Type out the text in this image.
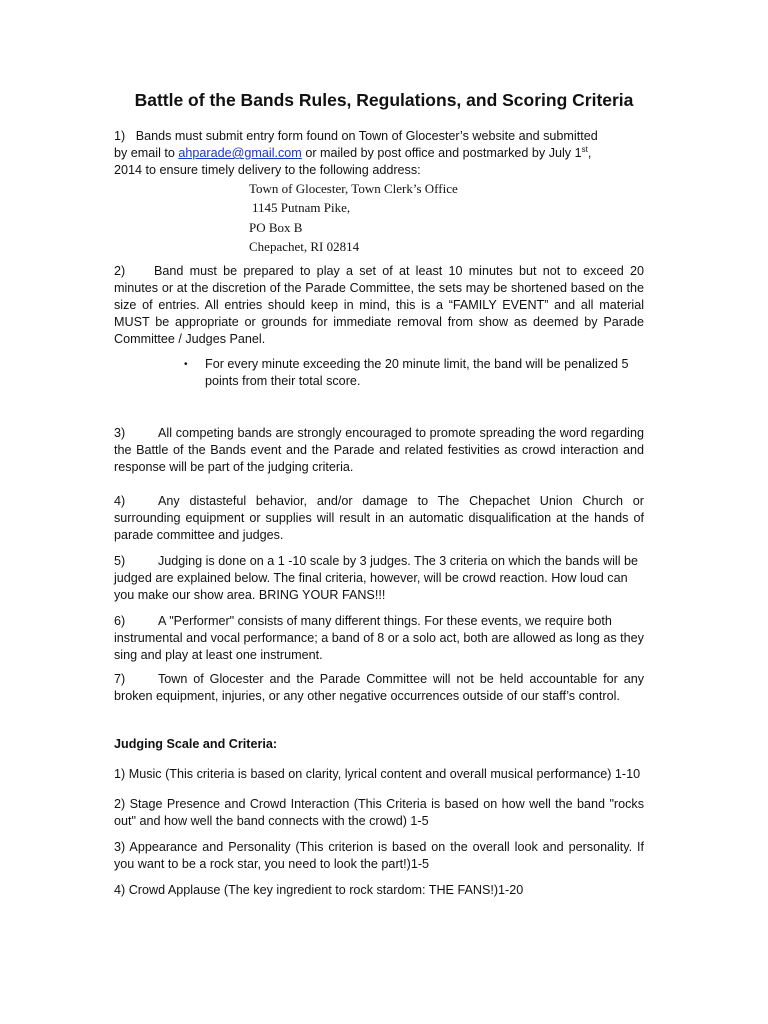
Battle of the Bands Rules, Regulations, and Scoring Criteria
1) Bands must submit entry form found on Town of Glocester’s website and submitted
by email to ahparade@gmail.com or mailed by post office and postmarked by July 1st,
2014 to ensure timely delivery to the following address:
Town of Glocester, Town Clerk’s Office
1145 Putnam Pike,
PO Box B
Chepachet, RI 02814

2) Band must be prepared to play a set of at least 10 minutes but not to exceed 20 minutes or at the discretion of the Parade Committee, the sets may be shortened based on the size of entries. All entries should keep in mind, this is a “FAMILY EVENT” and all material MUST be appropriate or grounds for immediate removal from show as deemed by Parade Committee / Judges Panel.

• For every minute exceeding the 20 minute limit, the band will be penalized 5 points from their total score.

3)	All competing bands are strongly encouraged to promote spreading the word regarding the Battle of the Bands event and the Parade and related festivities as crowd interaction and response will be part of the judging criteria.

4)	Any distasteful behavior, and/or damage to The Chepachet Union Church or surrounding equipment or supplies will result in an automatic disqualification at the hands of parade committee and judges.

5)	Judging is done on a 1 -10 scale by 3 judges. The 3 criteria on which the bands will be judged are explained below. The final criteria, however, will be crowd reaction. How loud can you make our show area. BRING YOUR FANS!!!

6)	A "Performer" consists of many different things. For these events, we require both instrumental and vocal performance; a band of 8 or a solo act, both are allowed as long as they sing and play at least one instrument.

7)	Town of Glocester and the Parade Committee will not be held accountable for any broken equipment, injuries, or any other negative occurrences outside of our staff’s control.

Judging Scale and Criteria:

1) Music (This criteria is based on clarity, lyrical content and overall musical performance) 1-10

2) Stage Presence and Crowd Interaction (This Criteria is based on how well the band "rocks out" and how well the band connects with the crowd) 1-5

3) Appearance and Personality (This criterion is based on the overall look and personality. If you want to be a rock star, you need to look the part!)1-5

4) Crowd Applause (The key ingredient to rock stardom: THE FANS!)1-20
